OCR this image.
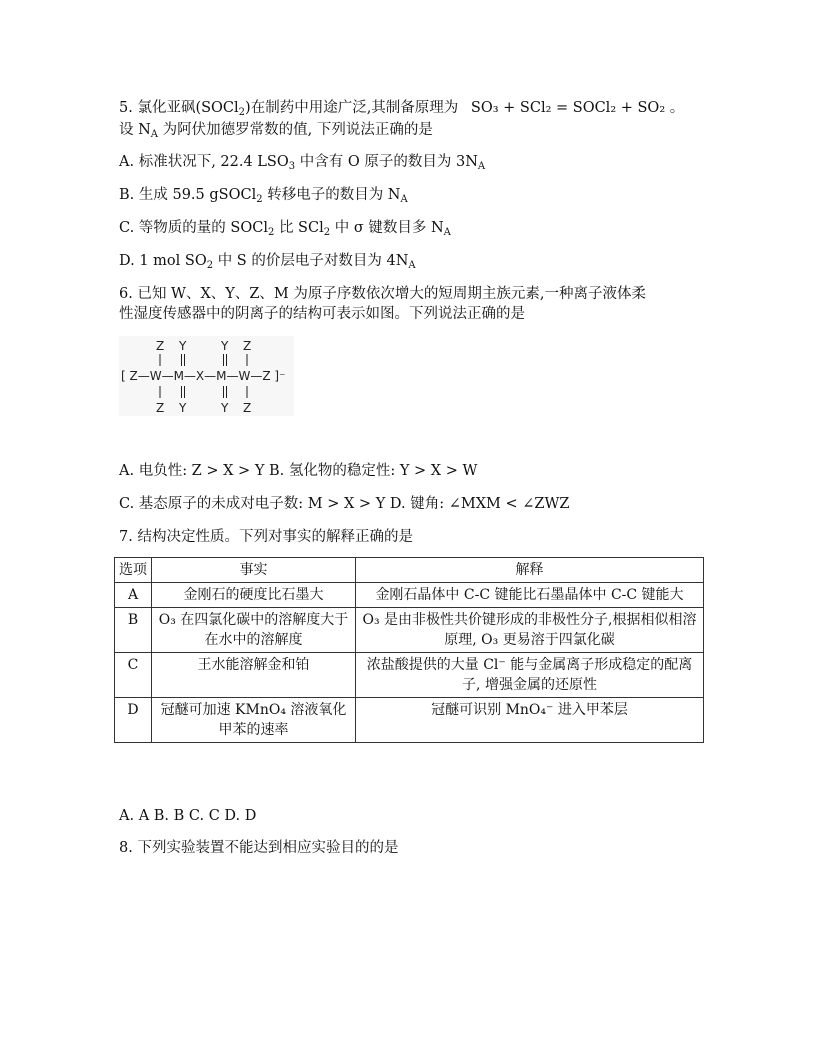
5. 氯化亚砜(SOCl$_2$)在制药中用途广泛,其制备原理为 SO₃ + SCl₂ = SOCl₂ + SO₂ 。
设 $N_A$ 为阿伏加德罗常数的值, 下列说法正确的是
A. 标准状况下, 22.4 $LSO_3$ 中含有 O 原子的数目为 $3N_A$
B. 生成 59.5 gSOCl$_2$ 转移电子的数目为 $N_A$
C. 等物质的量的 SOCl$_2$ 比 SCl$_2$ 中 σ 键数目多 $N_A$
D. 1 mol $SO_2$ 中 S 的价层电子对数目为 $4N_A$
6. 已知 W、X、Y、Z、M 为原子序数依次增大的短周期主族元素,一种离子液体柔
性湿度传感器中的阴离子的结构可表示如图。下列说法正确的是
Z Y	Y Z
[ Z—W—M—X—M—W—Z ]⁻
Z Y	Y Z
A. 电负性: Z > X > Y B. 氢化物的稳定性: Y > X > W
C. 基态原子的未成对电子数: M > X > Y D. 键角: ∠MXM < ∠ZWZ
7. 结构决定性质。下列对事实的解释正确的是
选项	事实	解释
A	金刚石的硬度比石墨大	金刚石晶体中 C-C 键能比石墨晶体中 C-C 键能大
B	O₃ 在四氯化碳中的溶解度大于在水中的溶解度	O₃ 是由非极性共价键形成的非极性分子,根据相似相溶原理, O₃ 更易溶于四氯化碳
C	王水能溶解金和铂	浓盐酸提供的大量 Cl⁻ 能与金属离子形成稳定的配离子, 增强金属的还原性
D	冠醚可加速 KMnO₄ 溶液氧化甲苯的速率	冠醚可识别 MnO₄⁻ 进入甲苯层
A. A B. B C. C D. D
8. 下列实验装置不能达到相应实验目的的是
